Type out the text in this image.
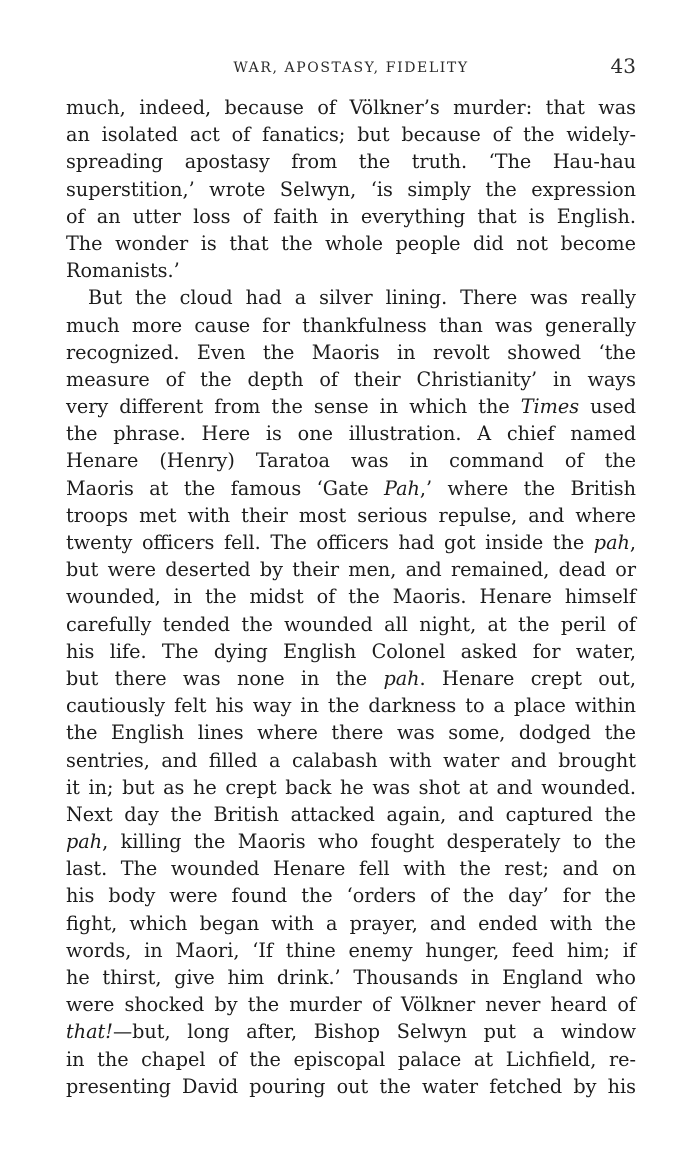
WAR, APOSTASY, FIDELITY	43
much, indeed, because of Völkner’s murder: that was
an isolated act of fanatics; but because of the widely-
spreading apostasy from the truth. ‘The Hau-hau
superstition,’ wrote Selwyn, ‘is simply the expression
of an utter loss of faith in everything that is English.
The wonder is that the whole people did not become
Romanists.’
But the cloud had a silver lining. There was really
much more cause for thankfulness than was generally
recognized. Even the Maoris in revolt showed ‘the
measure of the depth of their Christianity’ in ways
very different from the sense in which the Times used
the phrase. Here is one illustration. A chief named
Henare (Henry) Taratoa was in command of the
Maoris at the famous ‘Gate Pah,’ where the British
troops met with their most serious repulse, and where
twenty officers fell. The officers had got inside the pah,
but were deserted by their men, and remained, dead or
wounded, in the midst of the Maoris. Henare himself
carefully tended the wounded all night, at the peril of
his life. The dying English Colonel asked for water,
but there was none in the pah. Henare crept out,
cautiously felt his way in the darkness to a place within
the English lines where there was some, dodged the
sentries, and filled a calabash with water and brought
it in; but as he crept back he was shot at and wounded.
Next day the British attacked again, and captured the
pah, killing the Maoris who fought desperately to the
last. The wounded Henare fell with the rest; and on
his body were found the ‘orders of the day’ for the
fight, which began with a prayer, and ended with the
words, in Maori, ‘If thine enemy hunger, feed him; if
he thirst, give him drink.’ Thousands in England who
were shocked by the murder of Völkner never heard of
that!—but, long after, Bishop Selwyn put a window
in the chapel of the episcopal palace at Lichfield, re-
presenting David pouring out the water fetched by his
